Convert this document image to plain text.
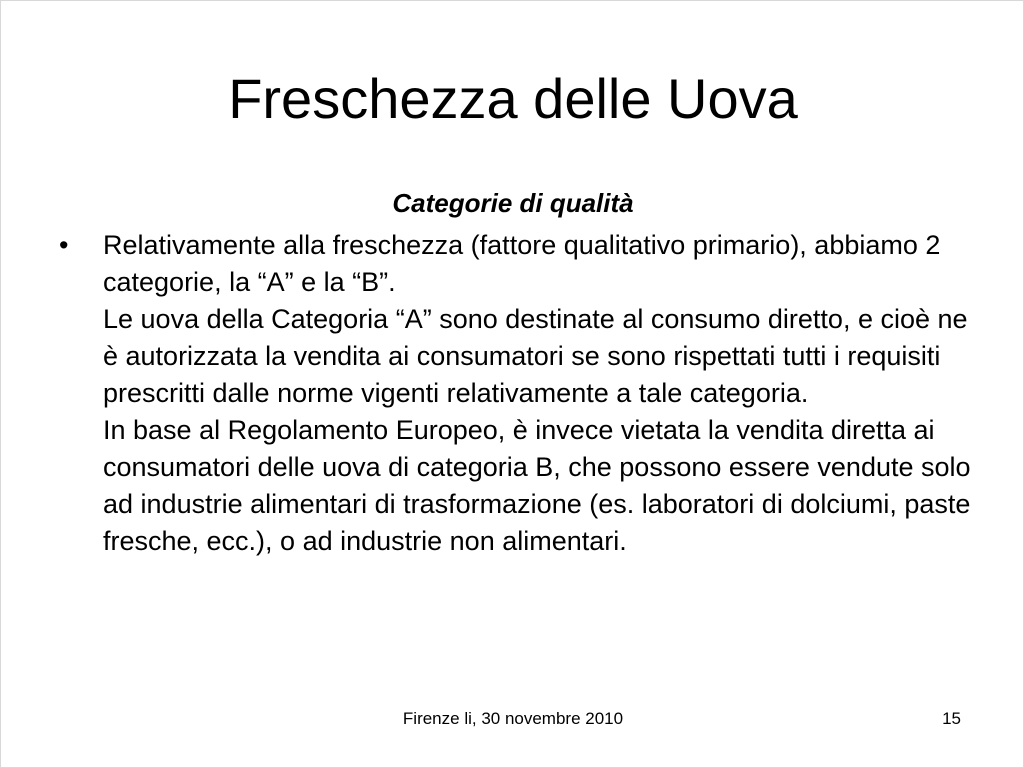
Freschezza delle Uova
Categorie di qualità
• Relativamente alla freschezza (fattore qualitativo primario), abbiamo 2 categorie, la “A” e la “B”.

Le uova della Categoria “A” sono destinate al consumo diretto, e cioè ne è autorizzata la vendita ai consumatori se sono rispettati tutti i requisiti prescritti dalle norme vigenti relativamente a tale categoria.

In base al Regolamento Europeo, è invece vietata la vendita diretta ai consumatori delle uova di categoria B, che possono essere vendute solo ad industrie alimentari di trasformazione (es. laboratori di dolciumi, paste fresche, ecc.), o ad industrie non alimentari.

Firenze li, 30 novembre 2010	15
